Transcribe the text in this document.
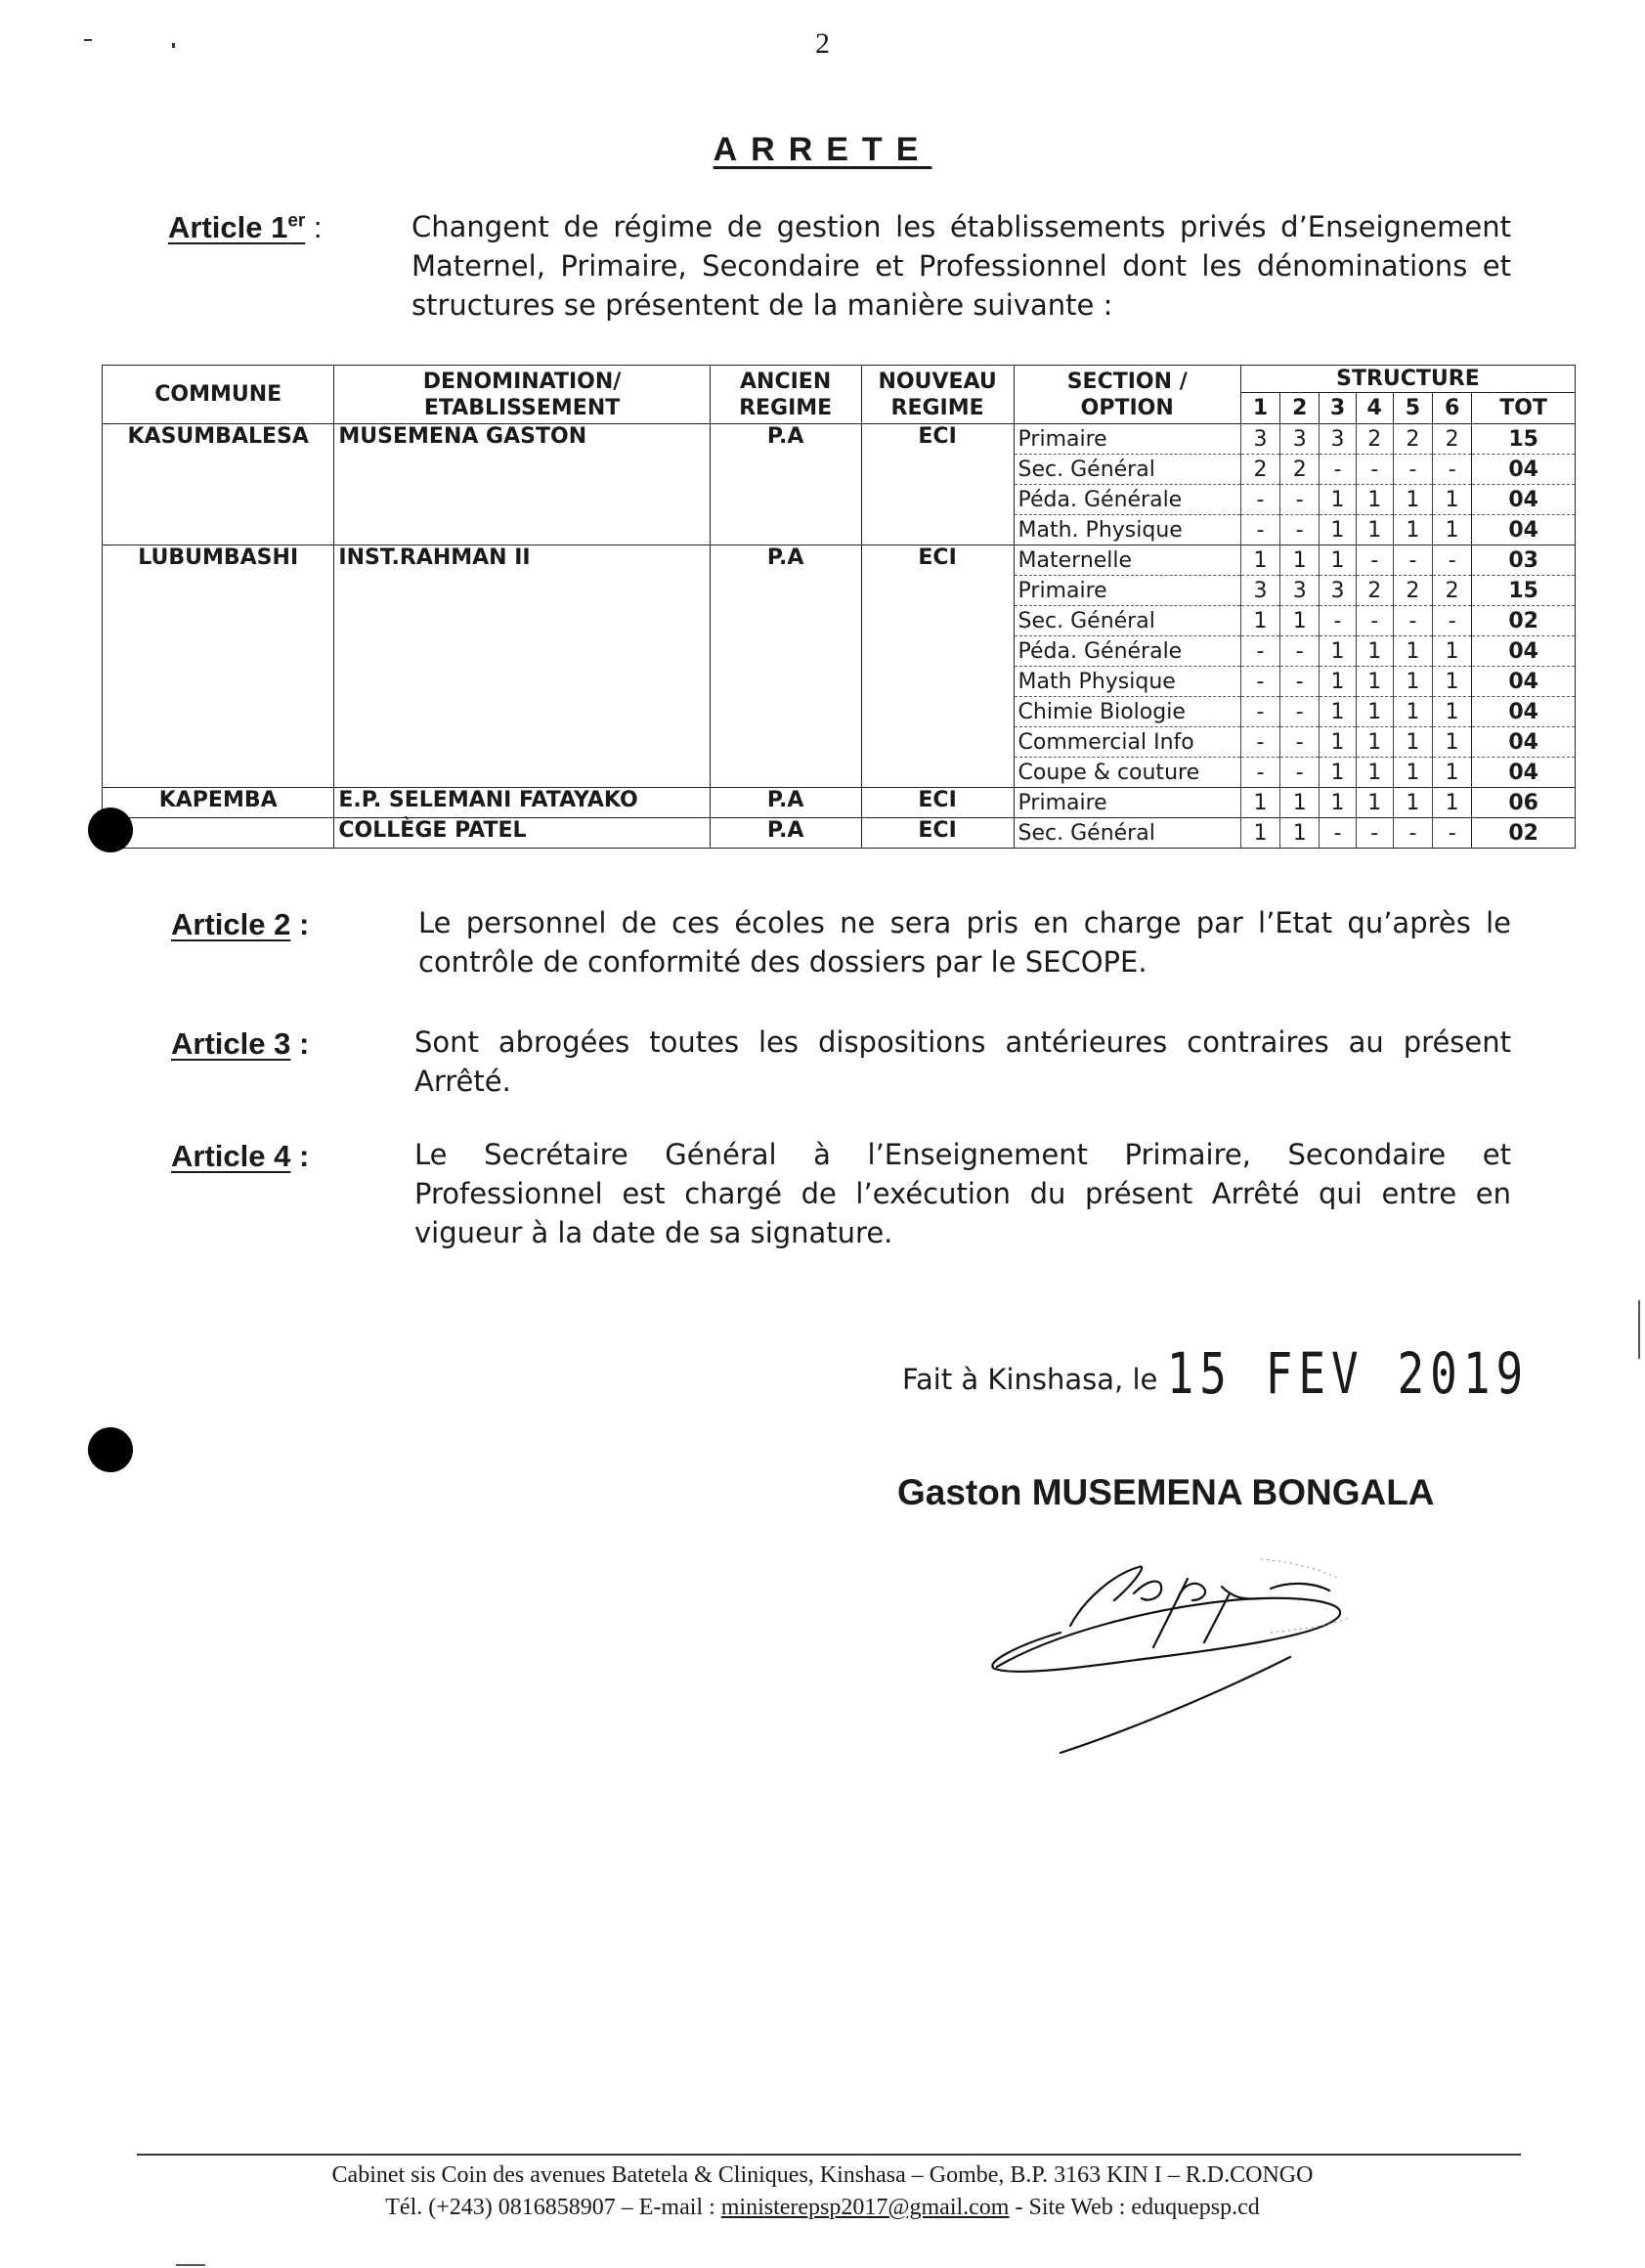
2
ARRETE
Article 1er :	Changent de régime de gestion les établissements privés d’Enseignement Maternel, Primaire, Secondaire et Professionnel dont les dénominations et structures se présentent de la manière suivante :
COMMUNE	DENOMINATION/ ETABLISSEMENT	ANCIEN REGIME	NOUVEAU REGIME	SECTION / OPTION	STRUCTURE						
					1	2	3	4	5	6	TOT
KASUMBALESA	MUSEMENA GASTON	P.A	ECI	Primaire	3	3	3	2	2	2	15
				Sec. Général	2	2	-	-	-	-	04
				Péda. Générale	-	-	1	1	1	1	04
				Math. Physique	-	-	1	1	1	1	04
LUBUMBASHI	INST.RAHMAN II	P.A	ECI	Maternelle	1	1	1	-	-	-	03
				Primaire	3	3	3	2	2	2	15
				Sec. Général	1	1	-	-	-	-	02
				Péda. Générale	-	-	1	1	1	1	04
				Math Physique	-	-	1	1	1	1	04
				Chimie Biologie	-	-	1	1	1	1	04
				Commercial Info	-	-	1	1	1	1	04
				Coupe & couture	-	-	1	1	1	1	04
KAPEMBA	E.P. SELEMANI FATAYAKO	P.A	ECI	Primaire	1	1	1	1	1	1	06
	COLLÈGE PATEL	P.A	ECI	Sec. Général	1	1	-	-	-	-	02
Article 2 :	Le personnel de ces écoles ne sera pris en charge par l’Etat qu’après le contrôle de conformité des dossiers par le SECOPE.
Article 3 :	Sont abrogées toutes les dispositions antérieures contraires au présent Arrêté.
Article 4 :	Le Secrétaire Général à l’Enseignement Primaire, Secondaire et Professionnel est chargé de l’exécution du présent Arrêté qui entre en vigueur à la date de sa signature.
Fait à Kinshasa, le 15 FEV 2019
Gaston MUSEMENA BONGALA
Cabinet sis Coin des avenues Batetela & Cliniques, Kinshasa – Gombe, B.P. 3163 KIN I – R.D.CONGO
Tél. (+243) 0816858907 – E-mail : ministerepsp2017@gmail.com - Site Web : eduquepsp.cd
